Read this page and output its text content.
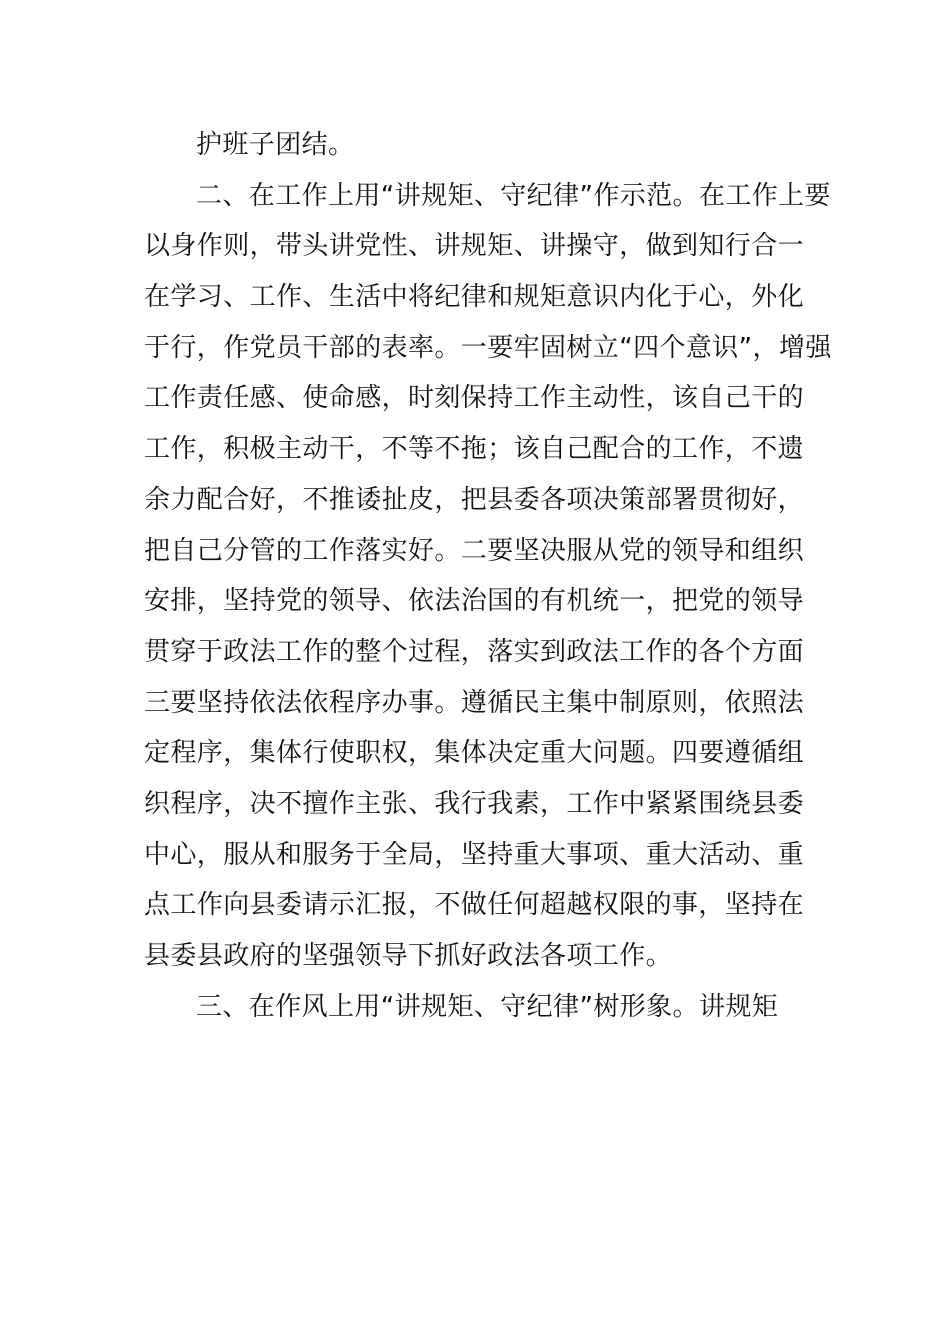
护班子团结。
二、在工作上用“讲规矩、守纪律”作示范。在工作上要
以身作则，带头讲党性、讲规矩、讲操守，做到知行合一
在学习、工作、生活中将纪律和规矩意识内化于心，外化
于行，作党员干部的表率。一要牢固树立“四个意识”，增强
工作责任感、使命感，时刻保持工作主动性，该自己干的
工作，积极主动干，不等不拖；该自己配合的工作，不遗
余力配合好，不推诿扯皮，把县委各项决策部署贯彻好，
把自己分管的工作落实好。二要坚决服从党的领导和组织
安排，坚持党的领导、依法治国的有机统一，把党的领导
贯穿于政法工作的整个过程，落实到政法工作的各个方面
三要坚持依法依程序办事。遵循民主集中制原则，依照法
定程序，集体行使职权，集体决定重大问题。四要遵循组
织程序，决不擅作主张、我行我素，工作中紧紧围绕县委
中心，服从和服务于全局，坚持重大事项、重大活动、重
点工作向县委请示汇报，不做任何超越权限的事，坚持在
县委县政府的坚强领导下抓好政法各项工作。
三、在作风上用“讲规矩、守纪律”树形象。讲规矩
